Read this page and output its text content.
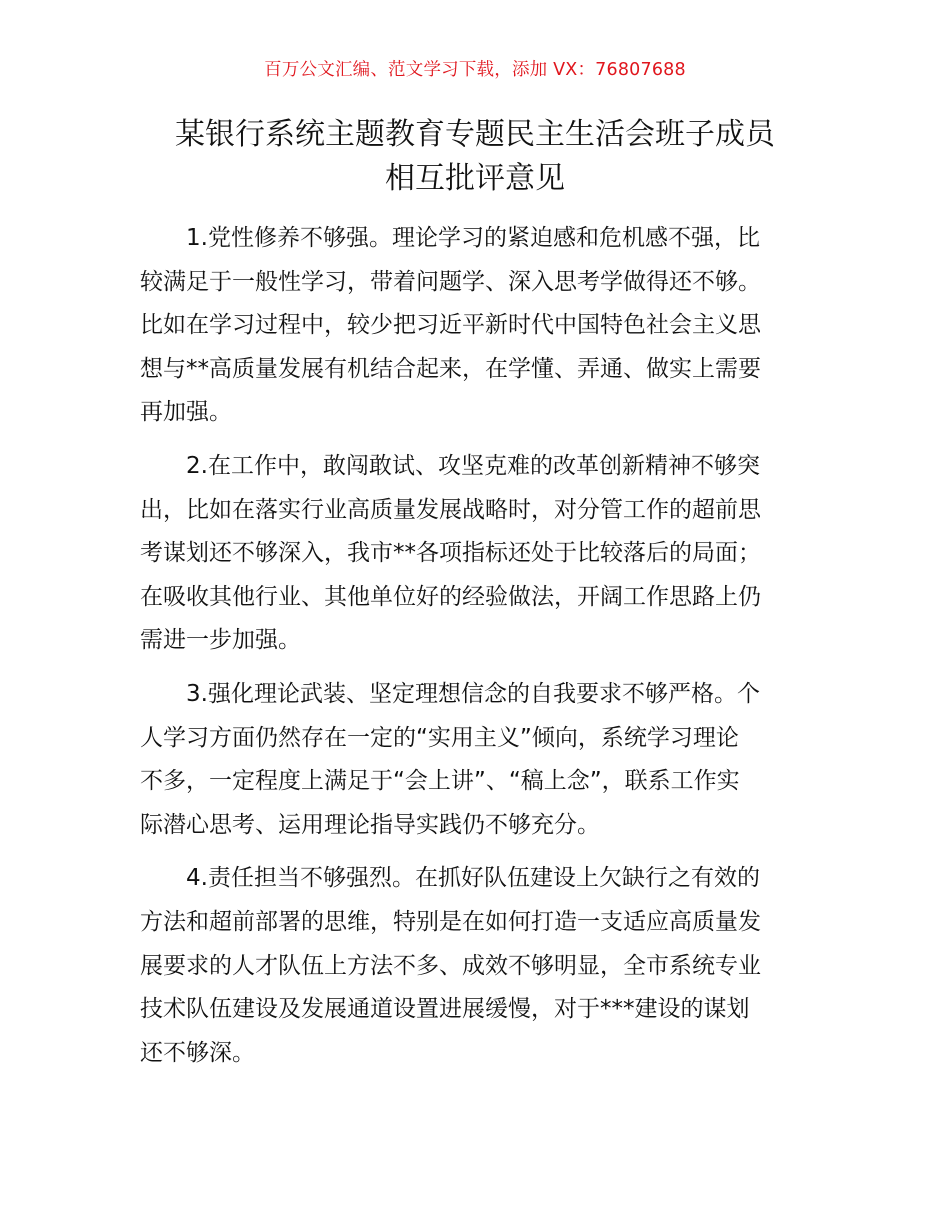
百万公文汇编、范文学习下载，添加 VX：76807688
某银行系统主题教育专题民主生活会班子成员
相互批评意见

1.党性修养不够强。理论学习的紧迫感和危机感不强，比
较满足于一般性学习，带着问题学、深入思考学做得还不够。
比如在学习过程中，较少把习近平新时代中国特色社会主义思
想与**高质量发展有机结合起来，在学懂、弄通、做实上需要
再加强。

2.在工作中，敢闯敢试、攻坚克难的改革创新精神不够突
出，比如在落实行业高质量发展战略时，对分管工作的超前思
考谋划还不够深入，我市**各项指标还处于比较落后的局面；
在吸收其他行业、其他单位好的经验做法，开阔工作思路上仍
需进一步加强。

3.强化理论武装、坚定理想信念的自我要求不够严格。个
人学习方面仍然存在一定的“实用主义”倾向，系统学习理论
不多，一定程度上满足于“会上讲”、“稿上念”，联系工作实
际潜心思考、运用理论指导实践仍不够充分。

4.责任担当不够强烈。在抓好队伍建设上欠缺行之有效的
方法和超前部署的思维，特别是在如何打造一支适应高质量发
展要求的人才队伍上方法不多、成效不够明显，全市系统专业
技术队伍建设及发展通道设置进展缓慢，对于***建设的谋划
还不够深。
